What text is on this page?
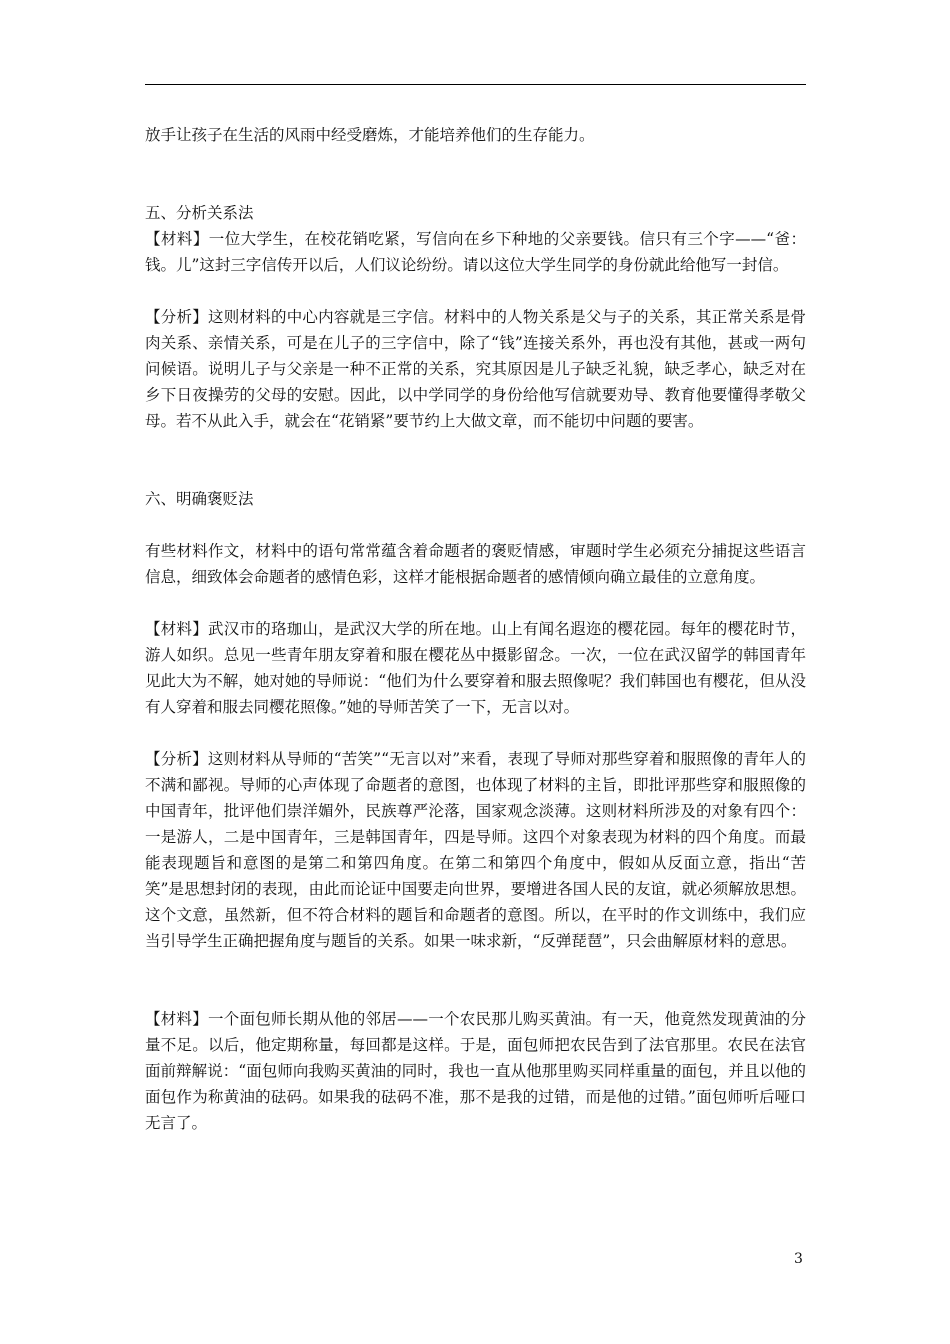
放手让孩子在生活的风雨中经受磨炼，才能培养他们的生存能力。

五、分析关系法

【材料】一位大学生，在校花销吃紧，写信向在乡下种地的父亲要钱。信只有三个字——“爸：钱。儿”这封三字信传开以后，人们议论纷纷。请以这位大学生同学的身份就此给他写一封信。

【分析】这则材料的中心内容就是三字信。材料中的人物关系是父与子的关系，其正常关系是骨肉关系、亲情关系，可是在儿子的三字信中，除了“钱”连接关系外，再也没有其他，甚或一两句问候语。说明儿子与父亲是一种不正常的关系，究其原因是儿子缺乏礼貌，缺乏孝心，缺乏对在乡下日夜操劳的父母的安慰。因此，以中学同学的身份给他写信就要劝导、教育他要懂得孝敬父母。若不从此入手，就会在“花销紧”要节约上大做文章，而不能切中问题的要害。

六、明确褒贬法

有些材料作文，材料中的语句常常蕴含着命题者的褒贬情感，审题时学生必须充分捕捉这些语言信息，细致体会命题者的感情色彩，这样才能根据命题者的感情倾向确立最佳的立意角度。

【材料】武汉市的珞珈山，是武汉大学的所在地。山上有闻名遐迩的樱花园。每年的樱花时节，游人如织。总见一些青年朋友穿着和服在樱花丛中摄影留念。一次，一位在武汉留学的韩国青年见此大为不解，她对她的导师说：“他们为什么要穿着和服去照像呢？我们韩国也有樱花，但从没有人穿着和服去同樱花照像。”她的导师苦笑了一下，无言以对。

【分析】这则材料从导师的“苦笑”“无言以对”来看，表现了导师对那些穿着和服照像的青年人的不满和鄙视。导师的心声体现了命题者的意图，也体现了材料的主旨，即批评那些穿和服照像的中国青年，批评他们崇洋媚外，民族尊严沦落，国家观念淡薄。这则材料所涉及的对象有四个：一是游人，二是中国青年，三是韩国青年，四是导师。这四个对象表现为材料的四个角度。而最能表现题旨和意图的是第二和第四角度。在第二和第四个角度中，假如从反面立意，指出“苦笑”是思想封闭的表现，由此而论证中国要走向世界，要增进各国人民的友谊，就必须解放思想。这个文意，虽然新，但不符合材料的题旨和命题者的意图。所以，在平时的作文训练中，我们应当引导学生正确把握角度与题旨的关系。如果一味求新，“反弹琵琶”，只会曲解原材料的意思。

【材料】一个面包师长期从他的邻居——一个农民那儿购买黄油。有一天，他竟然发现黄油的分量不足。以后，他定期称量，每回都是这样。于是，面包师把农民告到了法官那里。农民在法官面前辩解说：“面包师向我购买黄油的同时，我也一直从他那里购买同样重量的面包，并且以他的面包作为称黄油的砝码。如果我的砝码不准，那不是我的过错，而是他的过错。”面包师听后哑口无言了。

3
